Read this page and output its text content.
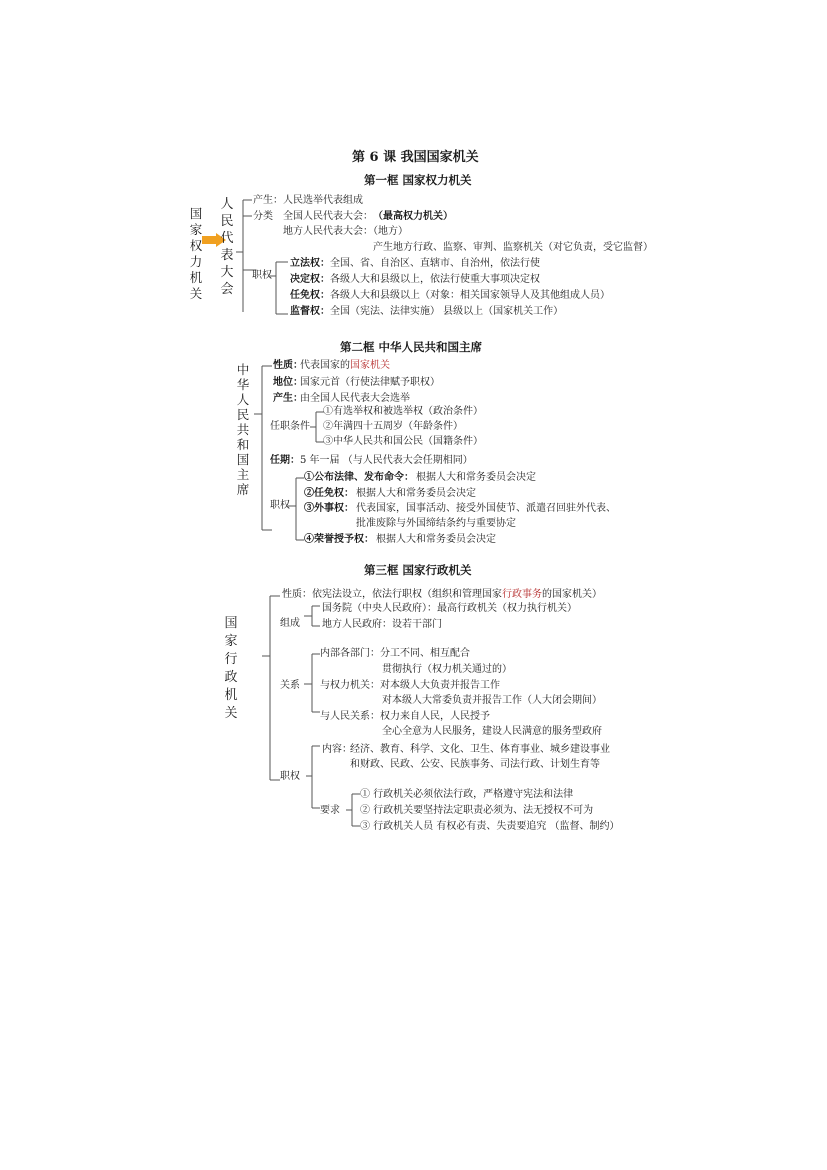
第 6 课 我国国家机关
第一框 国家权力机关
国家权力机关
人民代表大会
产生： 人民选举代表组成
分类 全国人民代表大会： （最高权力机关）
地方人民代表大会：（地方）
产生地方行政、监察、审判、监察机关（对它负责，受它监督）
职权
立法权： 全国、省、自治区、直辖市、自治州，依法行使
决定权： 各级人大和县级以上，依法行使重大事项决定权
任免权： 各级人大和县级以上（对象：相关国家领导人及其他组成人员）
监督权： 全国（宪法、法律实施） 县级以上（国家机关工作）
第二框 中华人民共和国主席
中华人民共和国主席
性质：
代表国家的国家机关
地位：
国家元首（行使法律赋予职权）
产生：
由全国人民代表大会选举
任职条件
①有选举权和被选举权（政治条件）
②年满四十五周岁（年龄条件）
③中华人民共和国公民（国籍条件）
任期： 5 年一届 （与人民代表大会任期相同）
职权
①公布法律、发布命令： 根据人大和常务委员会决定
②任免权： 根据人大和常务委员会决定
③外事权： 代表国家，国事活动、接受外国使节、派遣召回驻外代表、
批准废除与外国缔结条约与重要协定
④荣誉授予权： 根据人大和常务委员会决定
第三框 国家行政机关
国家行政机关
性质：依宪法设立，依法行职权（组织和管理国家行政事务的国家机关）
组成
国务院（中央人民政府）：最高行政机关（权力执行机关）
地方人民政府：设若干部门
关系
内部各部门：分工不同、相互配合
贯彻执行（权力机关通过的）
与权力机关：对本级人大负责并报告工作
对本级人大常委负责并报告工作（人大闭会期间）
与人民关系：权力来自人民，人民授予
全心全意为人民服务，建设人民满意的服务型政府
职权
内容：
经济、教育、科学、文化、卫生、体育事业、城乡建设事业
和财政、民政、公安、民族事务、司法行政、计划生育等
要求
① 行政机关必须依法行政，严格遵守宪法和法律
② 行政机关要坚持法定职责必须为、法无授权不可为
③ 行政机关人员 有权必有责、失责要追究 （监督、制约）
